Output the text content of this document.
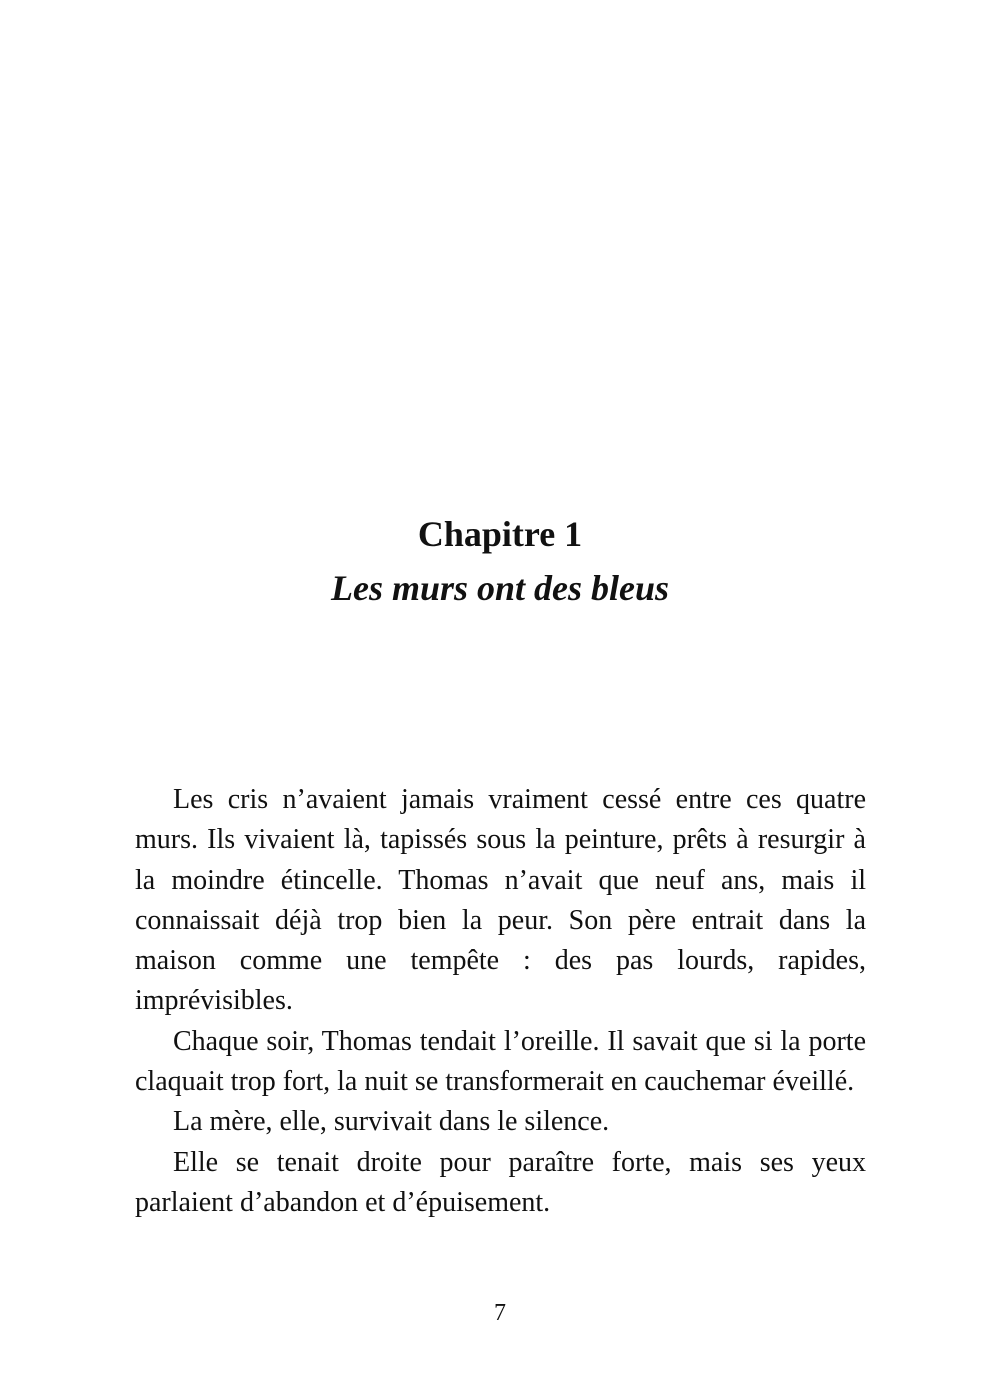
Chapitre 1
Les murs ont des bleus

Les cris n’avaient jamais vraiment cessé entre ces quatre murs. Ils vivaient là, tapissés sous la peinture, prêts à resurgir à la moindre étincelle. Thomas n’avait que neuf ans, mais il connaissait déjà trop bien la peur. Son père entrait dans la maison comme une tempête : des pas lourds, rapides, imprévisibles.

Chaque soir, Thomas tendait l’oreille. Il savait que si la porte claquait trop fort, la nuit se transformerait en cauchemar éveillé.

La mère, elle, survivait dans le silence.

Elle se tenait droite pour paraître forte, mais ses yeux parlaient d’abandon et d’épuisement.

7
